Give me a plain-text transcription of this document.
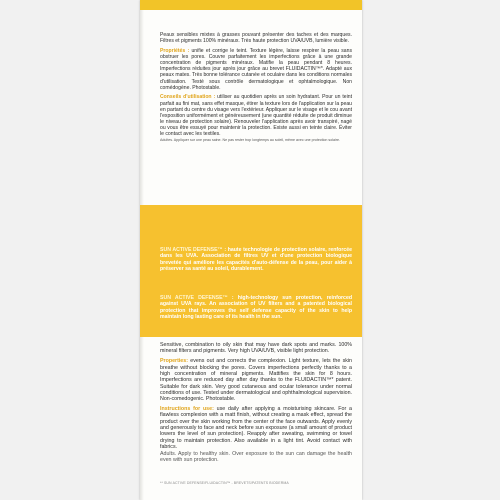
Peaux sensibles mixtes à grasses pouvant présenter des taches et des marques. Filtres et pigments 100% minéraux. Très haute protection UVA/UVB, lumière visible.

Propriétés : unifie et corrige le teint. Texture légère, laisse respirer la peau sans obstruer les pores. Couvre parfaitement les imperfections grâce à une grande concentration de pigments minéraux. Matifie la peau pendant 8 heures. Imperfections réduites jour après jour grâce au brevet FLUIDACTIN™*. Adapté aux peaux mates. Très bonne tolérance cutanée et oculaire dans les conditions normales d'utilisation. Testé sous contrôle dermatologique et ophtalmologique. Non comédogène. Photostable.

Conseils d'utilisation : utiliser au quotidien après un soin hydratant. Pour un teint parfait au fini mat, sans effet masque, étirer la texture lors de l'application sur la peau en partant du centre du visage vers l'extérieur. Appliquer sur le visage et le cou avant l'exposition uniformément et généreusement (une quantité réduite de produit diminue le niveau de protection solaire). Renouveler l'application après avoir transpiré, nagé ou vous être essuyé pour maintenir la protection. Existe aussi en teinte claire. Éviter le contact avec les textiles.

Adultes. Appliquer sur une peau saine. Ne pas rester trop longtemps au soleil, même avec une protection solaire.

SUN ACTIVE DEFENSE™ : haute technologie de protection solaire, renforcée dans les UVA. Association de filtres UV et d'une protection biologique brevetée qui améliore les capacités d'auto-défense de la peau, pour aider à préserver sa santé au soleil, durablement.

SUN ACTIVE DEFENSE™ : high-technology sun protection, reinforced against UVA rays. An association of UV filters and a patented biological protection that improves the self defense capacity of the skin to help maintain long lasting care of its health in the sun.

Sensitive, combination to oily skin that may have dark spots and marks. 100% mineral filters and pigments. Very high UVA/UVB, visible light protection.

Properties: evens out and corrects the complexion. Light texture, lets the skin breathe without blocking the pores. Covers imperfections perfectly thanks to a high concentration of mineral pigments. Mattifies the skin for 8 hours. Imperfections are reduced day after day thanks to the FLUIDACTIN™* patent. Suitable for dark skin. Very good cutaneous and ocular tolerance under normal conditions of use. Tested under dermatological and ophthalmological supervision. Non-comedogenic. Photostable.

Instructions for use: use daily after applying a moisturising skincare. For a flawless complexion with a matt finish, without creating a mask effect, spread the product over the skin working from the center of the face outwards. Apply evenly and generously to face and neck before sun exposure (a small amount of product lowers the level of sun protection). Reapply after sweating, swimming or towel drying to maintain protection. Also available in a light tint. Avoid contact with fabrics.

Adults. Apply to healthy skin. Over exposure to the sun can damage the health even with sun protection.

** SUN ACTIVE DEFENSE/FLUIDACTIN™ - BREVETS/PATENTS BIODERMA
